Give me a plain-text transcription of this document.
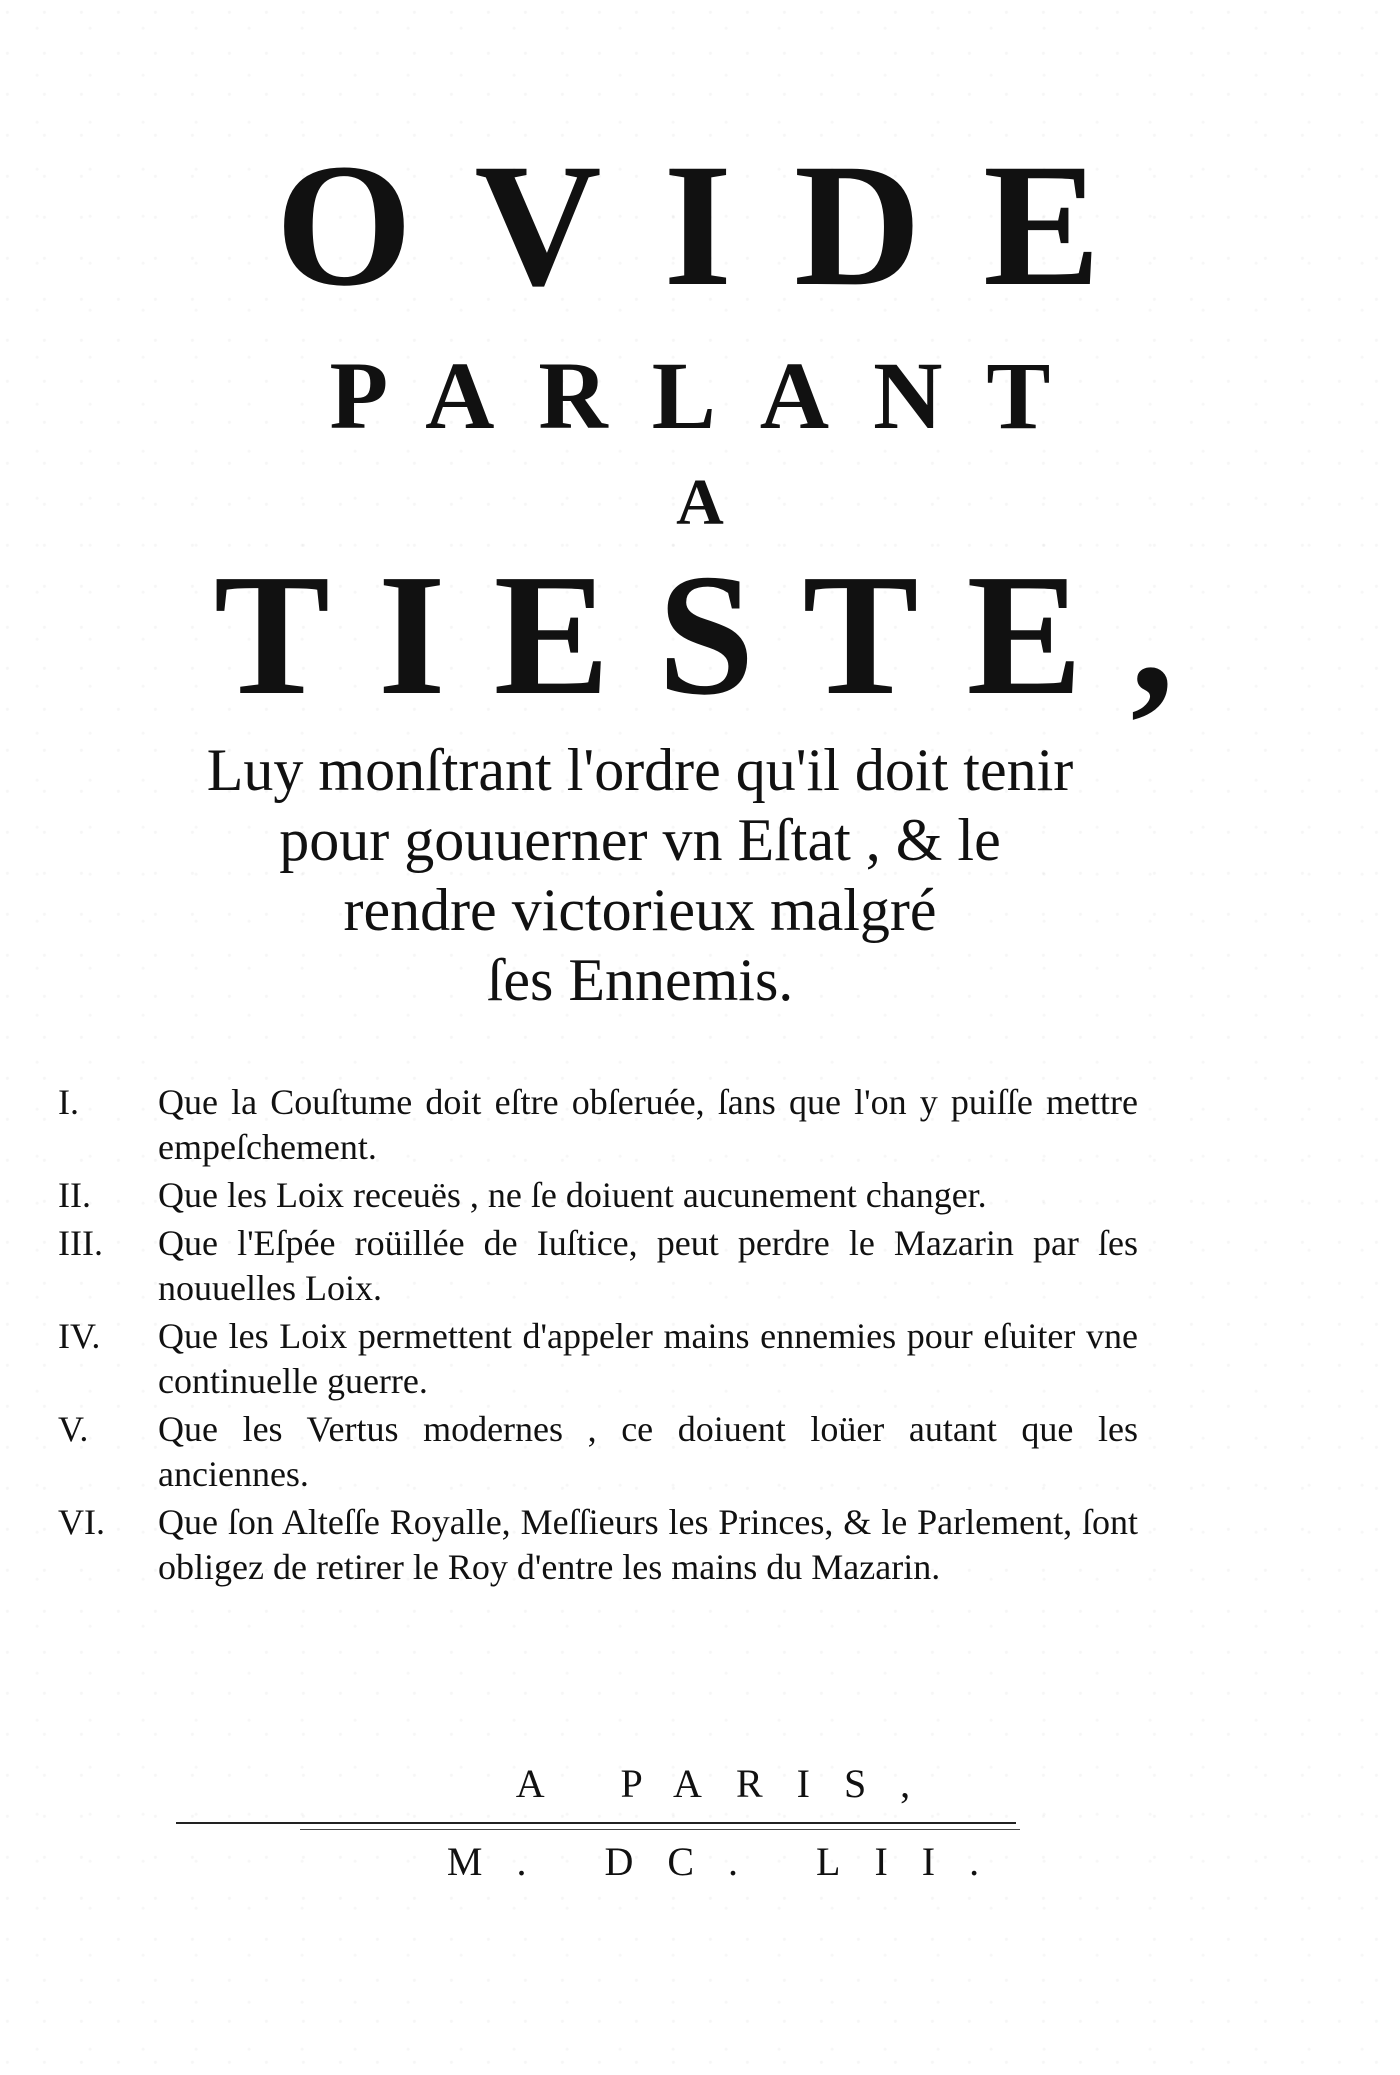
OVIDE
PARLANT
A
TIESTE,
Luy monſtrant l'ordre qu'il doit tenir
pour gouuerner vn Eſtat , & le
rendre victorieux malgré
ſes Ennemis.
I.	Que la Couſtume doit eſtre obſeruée, ſans que l'on y puiſſe mettre empeſchement.
II.	Que les Loix receuës , ne ſe doiuent aucunement changer.
III.	Que l'Eſpée roüillée de Iuſtice, peut perdre le Mazarin par ſes nouuelles Loix.
IV.	Que les Loix permettent d'appeler mains ennemies pour eſuiter vne continuelle guerre.
V.	Que les Vertus modernes , ce doiuent loüer autant que les anciennes.
VI.	Que ſon Alteſſe Royalle, Meſſieurs les Princes, & le Parlement, ſont obligez de retirer le Roy d'entre les mains du Mazarin.
A PARIS,
M. DC. LII.
